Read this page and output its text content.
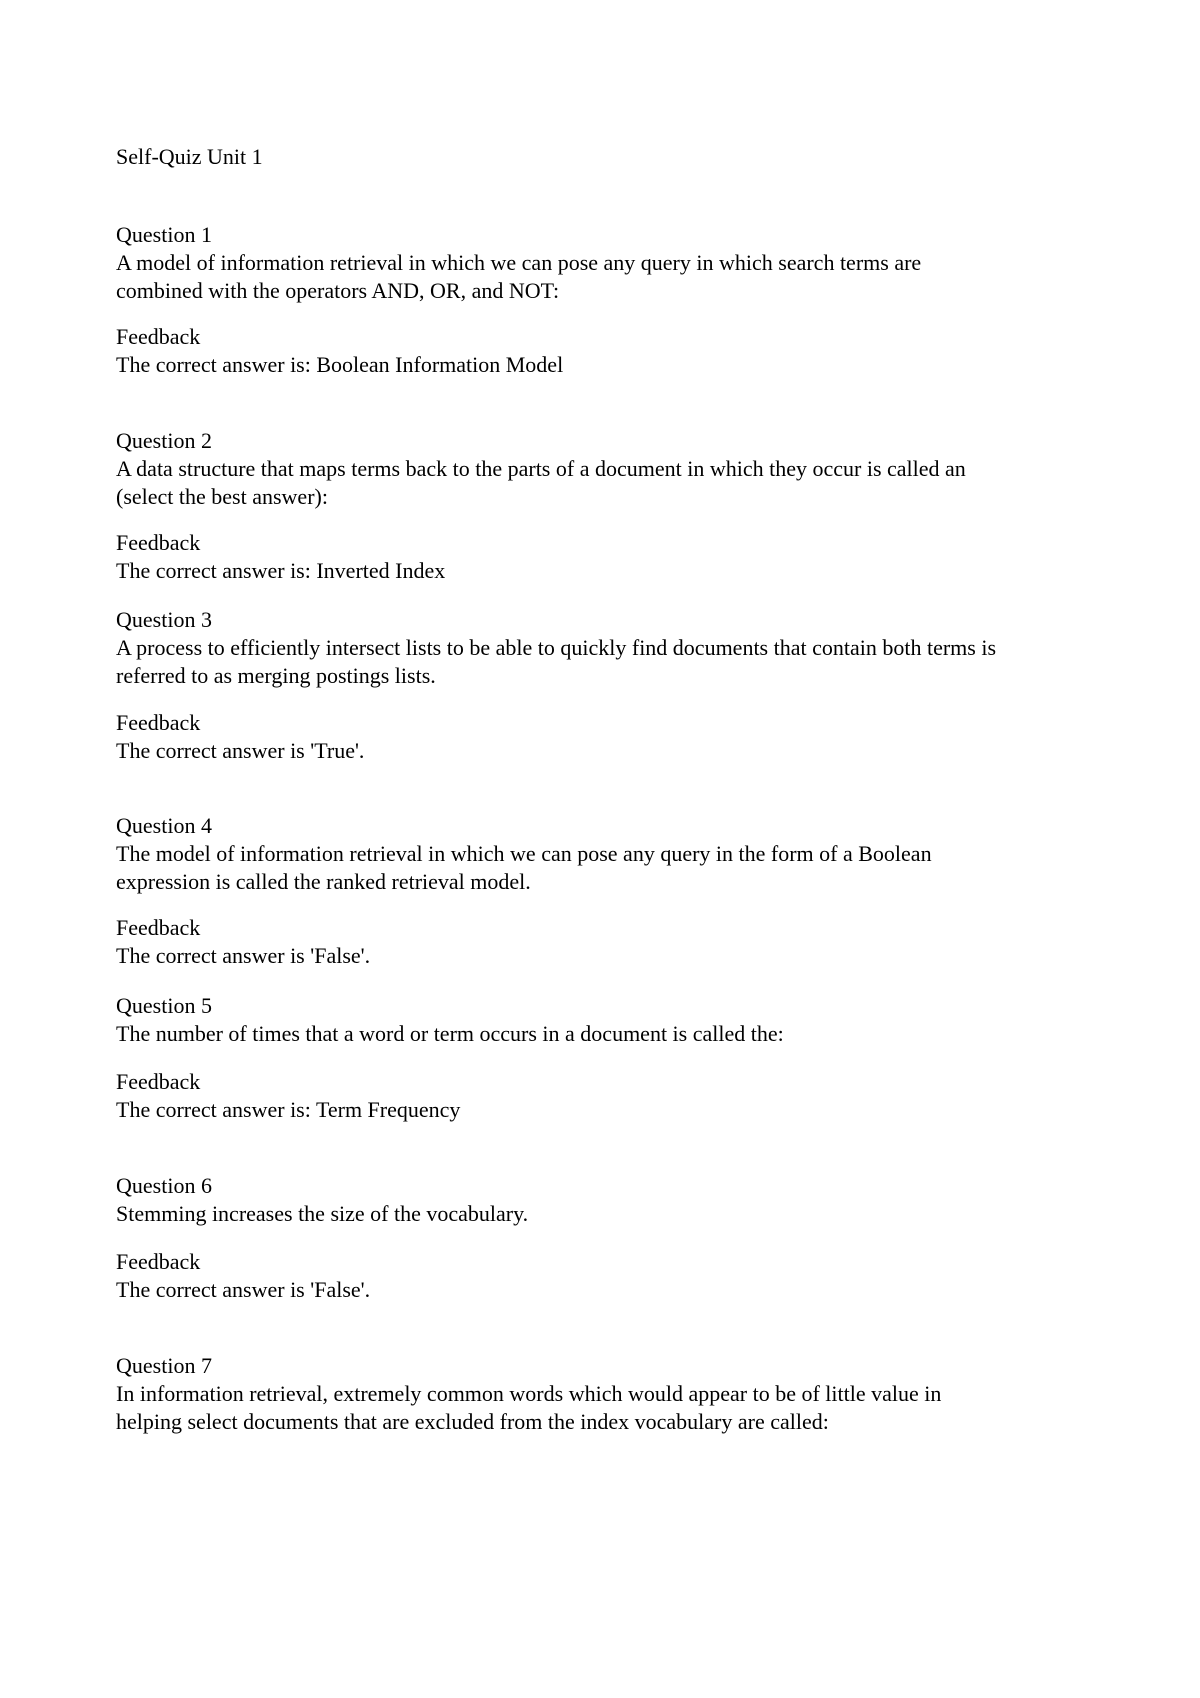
Self-Quiz Unit 1
Question 1
A model of information retrieval in which we can pose any query in which search terms are
combined with the operators AND, OR, and NOT:
Feedback
The correct answer is: Boolean Information Model
Question 2
A data structure that maps terms back to the parts of a document in which they occur is called an
(select the best answer):
Feedback
The correct answer is: Inverted Index
Question 3
A process to efficiently intersect lists to be able to quickly find documents that contain both terms is
referred to as merging postings lists.
Feedback
The correct answer is 'True'.
Question 4
The model of information retrieval in which we can pose any query in the form of a Boolean
expression is called the ranked retrieval model.
Feedback
The correct answer is 'False'.
Question 5
The number of times that a word or term occurs in a document is called the:
Feedback
The correct answer is: Term Frequency
Question 6
Stemming increases the size of the vocabulary.
Feedback
The correct answer is 'False'.
Question 7
In information retrieval, extremely common words which would appear to be of little value in
helping select documents that are excluded from the index vocabulary are called:
